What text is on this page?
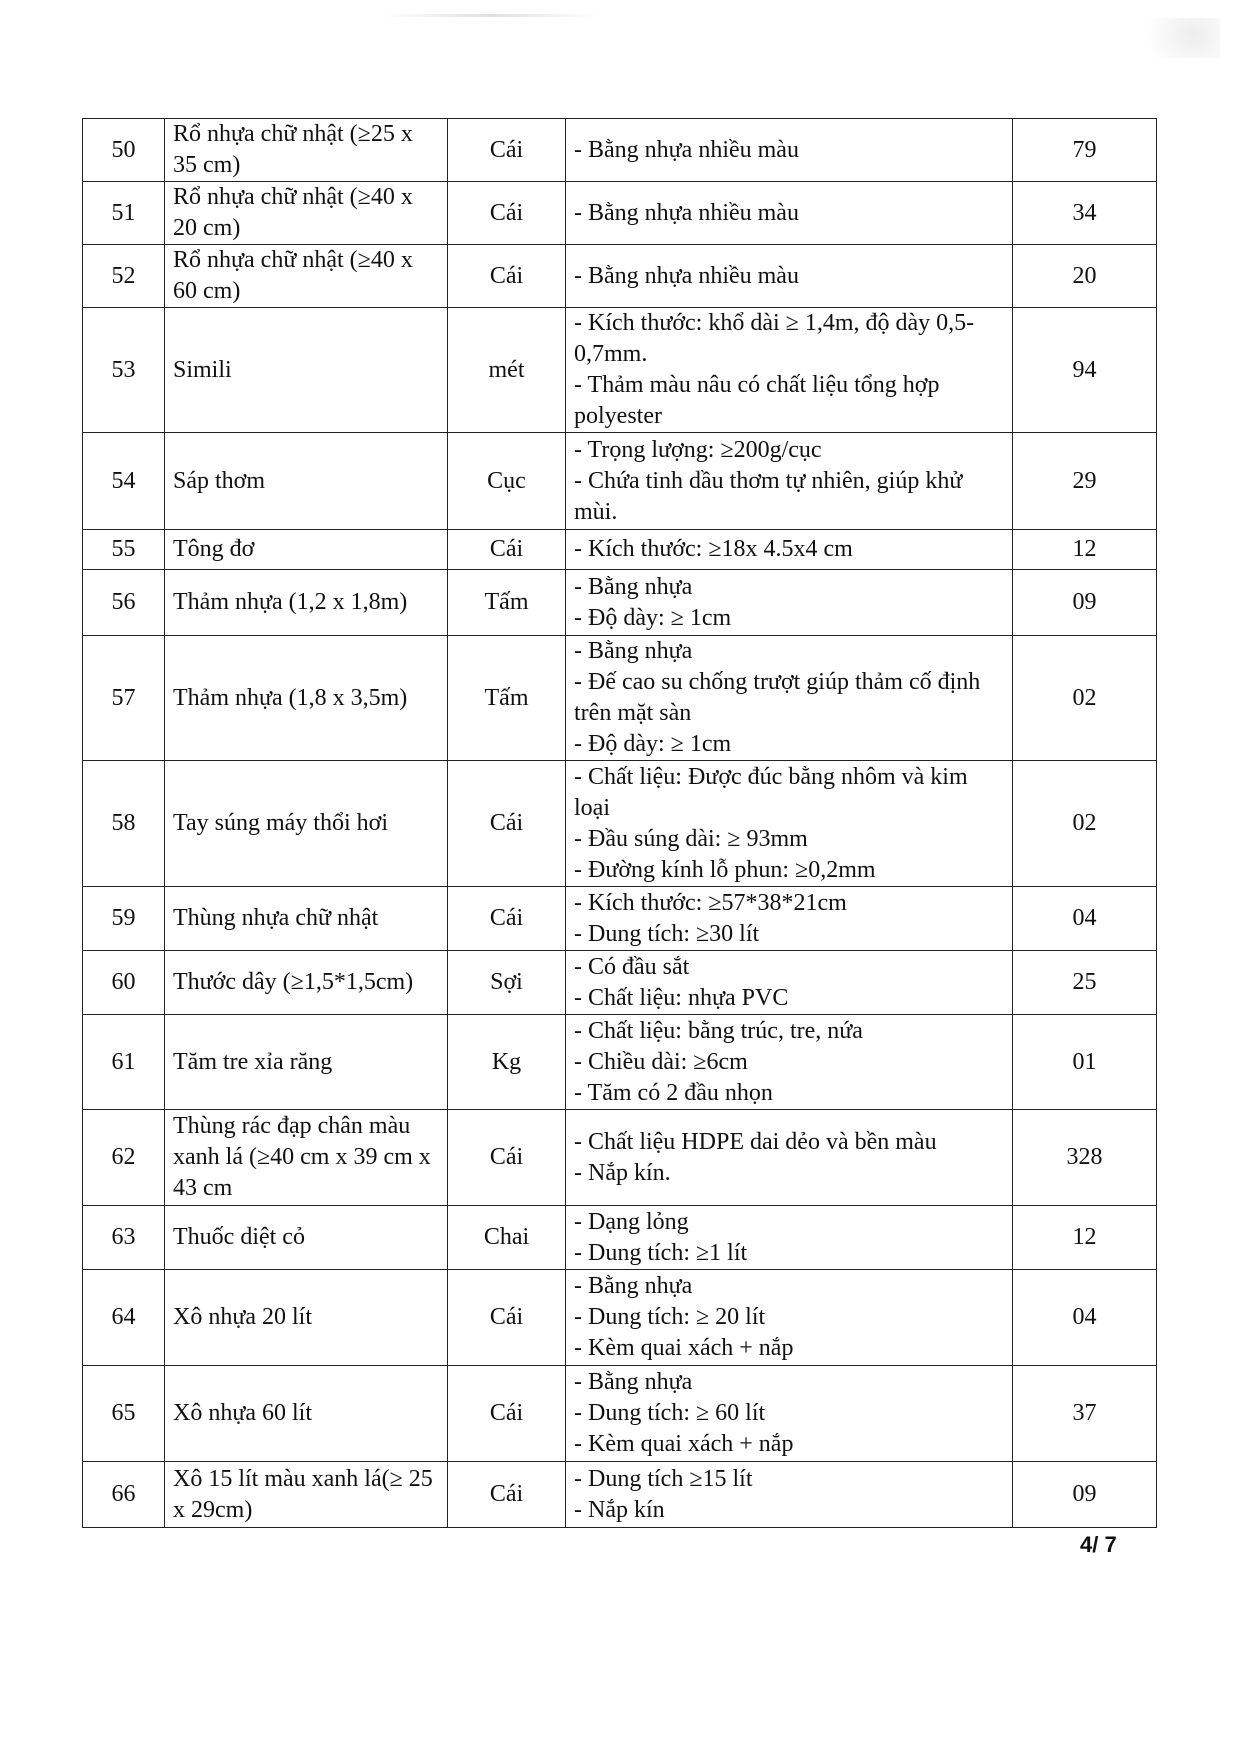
50	Rổ nhựa chữ nhật (≥25 x 35 cm)	Cái	- Bằng nhựa nhiều màu	79
51	Rổ nhựa chữ nhật (≥40 x 20 cm)	Cái	- Bằng nhựa nhiều màu	34
52	Rổ nhựa chữ nhật (≥40 x 60 cm)	Cái	- Bằng nhựa nhiều màu	20
53	Simili	mét	- Kích thước: khổ dài ≥ 1,4m, độ dày 0,5-0,7mm.
- Thảm màu nâu có chất liệu tổng hợp polyester	94
54	Sáp thơm	Cục	- Trọng lượng: ≥200g/cục
- Chứa tinh dầu thơm tự nhiên, giúp khử mùi.	29
55	Tông đơ	Cái	- Kích thước: ≥18x 4.5x4 cm	12
56	Thảm nhựa (1,2 x 1,8m)	Tấm	- Bằng nhựa
- Độ dày: ≥ 1cm	09
57	Thảm nhựa (1,8 x 3,5m)	Tấm	- Bằng nhựa
- Đế cao su chống trượt giúp thảm cố định trên mặt sàn
- Độ dày: ≥ 1cm	02
58	Tay súng máy thổi hơi	Cái	- Chất liệu: Được đúc bằng nhôm và kim loại
- Đầu súng dài: ≥ 93mm
- Đường kính lỗ phun: ≥0,2mm	02
59	Thùng nhựa chữ nhật	Cái	- Kích thước: ≥57*38*21cm
- Dung tích: ≥30 lít	04
60	Thước dây (≥1,5*1,5cm)	Sợi	- Có đầu sắt
- Chất liệu: nhựa PVC	25
61	Tăm tre xỉa răng	Kg	- Chất liệu: bằng trúc, tre, nứa
- Chiều dài: ≥6cm
- Tăm có 2 đầu nhọn	01
62	Thùng rác đạp chân màu xanh lá (≥40 cm x 39 cm x 43 cm	Cái	- Chất liệu HDPE dai dẻo và bền màu
- Nắp kín.	328
63	Thuốc diệt cỏ	Chai	- Dạng lỏng
- Dung tích: ≥1 lít	12
64	Xô nhựa 20 lít	Cái	- Bằng nhựa
- Dung tích: ≥ 20 lít
- Kèm quai xách + nắp	04
65	Xô nhựa 60 lít	Cái	- Bằng nhựa
- Dung tích: ≥ 60 lít
- Kèm quai xách + nắp	37
66	Xô 15 lít màu xanh lá(≥ 25 x 29cm)	Cái	- Dung tích ≥15 lít
- Nắp kín	09
4/ 7
